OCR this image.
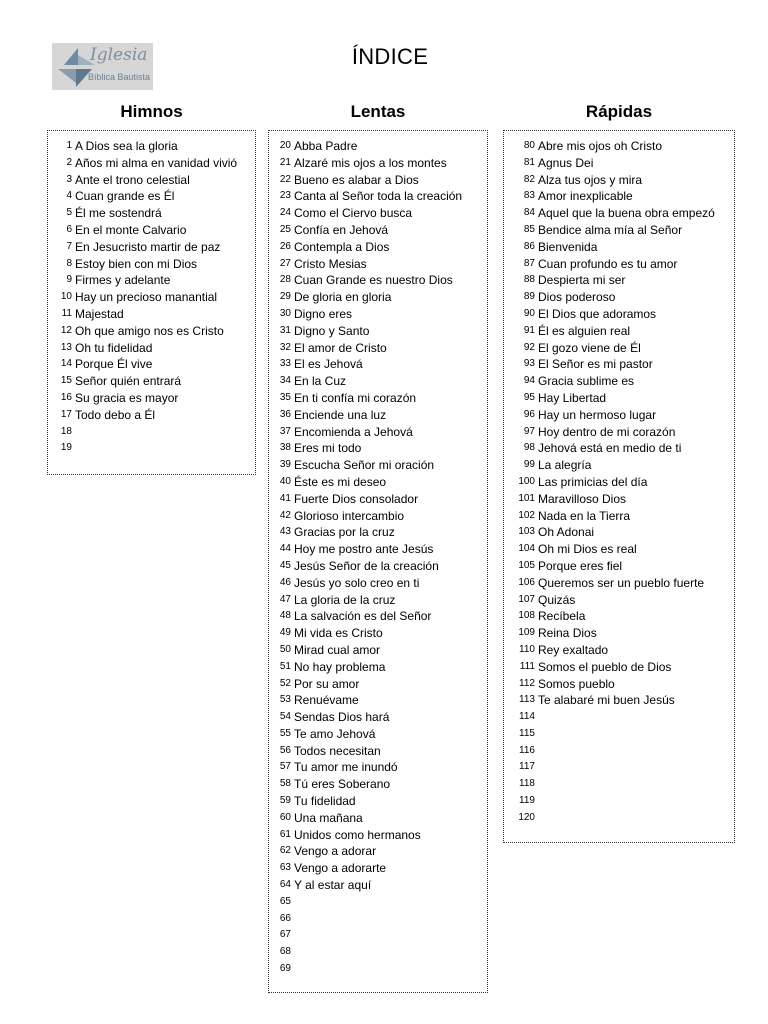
Iglesia
Bíblica Bautista
ÍNDICE
Himnos	Lentas	Rápidas
1 A Dios sea la gloria
2 Años mi alma en vanidad vivió
3 Ante el trono celestial
4 Cuan grande es Él
5 Él me sostendrá
6 En el monte Calvario
7 En Jesucristo martir de paz
8 Estoy bien con mi Dios
9 Firmes y adelante
10 Hay un precioso manantial
11 Majestad
12 Oh que amigo nos es Cristo
13 Oh tu fidelidad
14 Porque Él vive
15 Señor quién entrará
16 Su gracia es mayor
17 Todo debo a Él
18
19
20 Abba Padre
21 Alzaré mis ojos a los montes
22 Bueno es alabar a Dios
23 Canta al Señor toda la creación
24 Como el Ciervo busca
25 Confía en Jehová
26 Contempla a Dios
27 Cristo Mesias
28 Cuan Grande es nuestro Dios
29 De gloria en gloria
30 Digno eres
31 Digno y Santo
32 El amor de Cristo
33 El es Jehová
34 En la Cuz
35 En ti confía mi corazón
36 Enciende una luz
37 Encomienda a Jehová
38 Eres mi todo
39 Escucha Señor mi oración
40 Éste es mi deseo
41 Fuerte Dios consolador
42 Glorioso intercambio
43 Gracias por la cruz
44 Hoy me postro ante Jesús
45 Jesús Señor de la creación
46 Jesús yo solo creo en ti
47 La gloria de la cruz
48 La salvación es del Señor
49 Mi vida es Cristo
50 Mirad cual amor
51 No hay problema
52 Por su amor
53 Renuévame
54 Sendas Dios hará
55 Te amo Jehová
56 Todos necesitan
57 Tu amor me inundó
58 Tú eres Soberano
59 Tu fidelidad
60 Una mañana
61 Unidos como hermanos
62 Vengo a adorar
63 Vengo a adorarte
64 Y al estar aquí
65
66
67
68
69
80 Abre mis ojos oh Cristo
81 Agnus Dei
82 Alza tus ojos y mira
83 Amor inexplicable
84 Aquel que la buena obra empezó
85 Bendice alma mía al Señor
86 Bienvenida
87 Cuan profundo es tu amor
88 Despierta mi ser
89 Dios poderoso
90 El Dios que adoramos
91 Él es alguien real
92 El gozo viene de Él
93 El Señor es mi pastor
94 Gracia sublime es
95 Hay Libertad
96 Hay un hermoso lugar
97 Hoy dentro de mi corazón
98 Jehová está en medio de ti
99 La alegría
100 Las primicias del día
101 Maravilloso Dios
102 Nada en la Tierra
103 Oh Adonai
104 Oh mi Dios es real
105 Porque eres fiel
106 Queremos ser un pueblo fuerte
107 Quizás
108 Recíbela
109 Reina Dios
110 Rey exaltado
111 Somos el pueblo de Dios
112 Somos pueblo
113 Te alabaré mi buen Jesús
114
115
116
117
118
119
120
